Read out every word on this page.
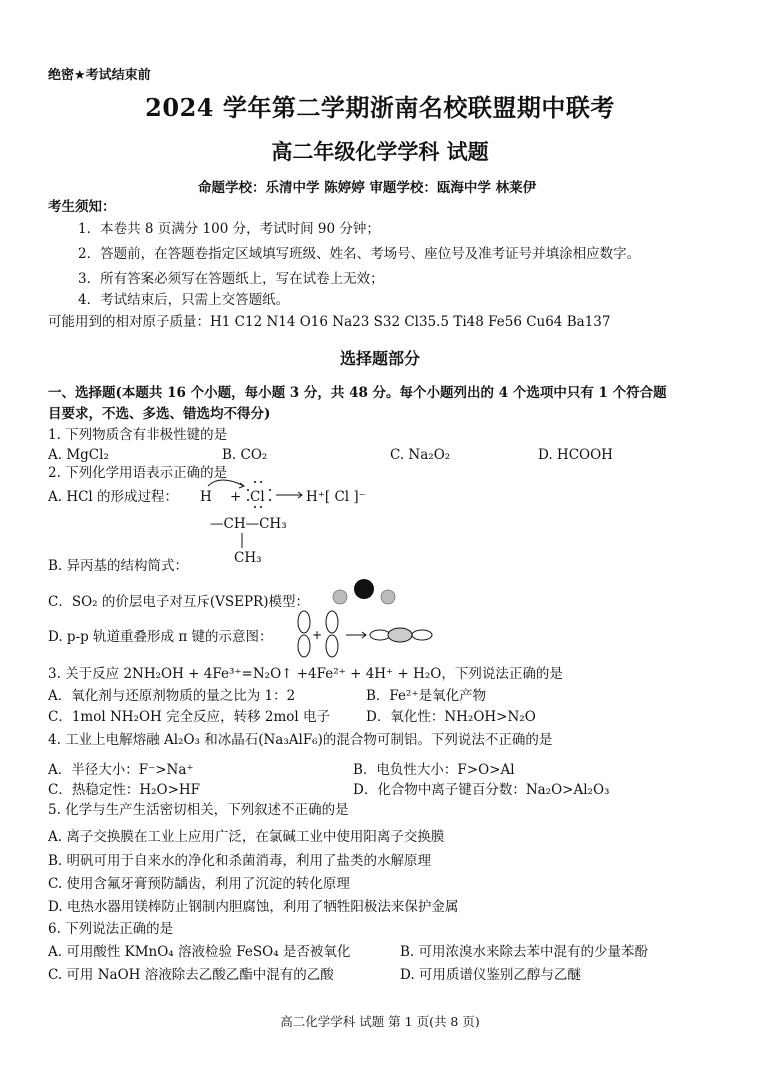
绝密★考试结束前
2024 学年第二学期浙南名校联盟期中联考
高二年级化学学科 试题
命题学校：乐清中学 陈婷婷 审题学校：瓯海中学 林莱伊
考生须知：
1．本卷共 8 页满分 100 分，考试时间 90 分钟；
2．答题前，在答题卷指定区域填写班级、姓名、考场号、座位号及准考证号并填涂相应数字。
3．所有答案必须写在答题纸上，写在试卷上无效；
4．考试结束后，只需上交答题纸。
可能用到的相对原子质量：H1 C12 N14 O16 Na23 S32 Cl35.5 Ti48 Fe56 Cu64 Ba137
选择题部分
一、选择题(本题共 16 个小题，每小题 3 分，共 48 分。每个小题列出的 4 个选项中只有 1 个符合题
目要求，不选、多选、错选均不得分)
1. 下列物质含有非极性键的是
A. MgCl₂	B. CO₂	C. Na₂O₂	D. HCOOH
2. 下列化学用语表示正确的是
A. HCl 的形成过程： H + Cl	H⁺[ Cl ]⁻
—CH—CH₃
CH₃
B. 异丙基的结构简式：
C．SO₂ 的价层电子对互斥(VSEPR)模型：
D. p-p 轨道重叠形成 π 键的示意图：	+
3. 关于反应 2NH₂OH + 4Fe³⁺=N₂O↑ +4Fe²⁺ + 4H⁺ + H₂O，下列说法正确的是
A．氧化剂与还原剂物质的量之比为 1：2	B．Fe²⁺是氧化产物
C．1mol NH₂OH 完全反应，转移 2mol 电子	D．氧化性：NH₂OH>N₂O
4. 工业上电解熔融 Al₂O₃ 和冰晶石(Na₃AlF₆)的混合物可制铝。下列说法不正确的是
A．半径大小：F⁻>Na⁺	B．电负性大小：F>O>Al
C．热稳定性：H₂O>HF	D．化合物中离子键百分数：Na₂O>Al₂O₃
5. 化学与生产生活密切相关，下列叙述不正确的是
A. 离子交换膜在工业上应用广泛，在氯碱工业中使用阳离子交换膜
B. 明矾可用于自来水的净化和杀菌消毒，利用了盐类的水解原理
C. 使用含氟牙膏预防龋齿，利用了沉淀的转化原理
D. 电热水器用镁棒防止钢制内胆腐蚀，利用了牺牲阳极法来保护金属
6. 下列说法正确的是
A. 可用酸性 KMnO₄ 溶液检验 FeSO₄ 是否被氧化	B. 可用浓溴水来除去苯中混有的少量苯酚
C. 可用 NaOH 溶液除去乙酸乙酯中混有的乙酸	D. 可用质谱仪鉴别乙醇与乙醚
高二化学学科 试题 第 1 页(共 8 页)
